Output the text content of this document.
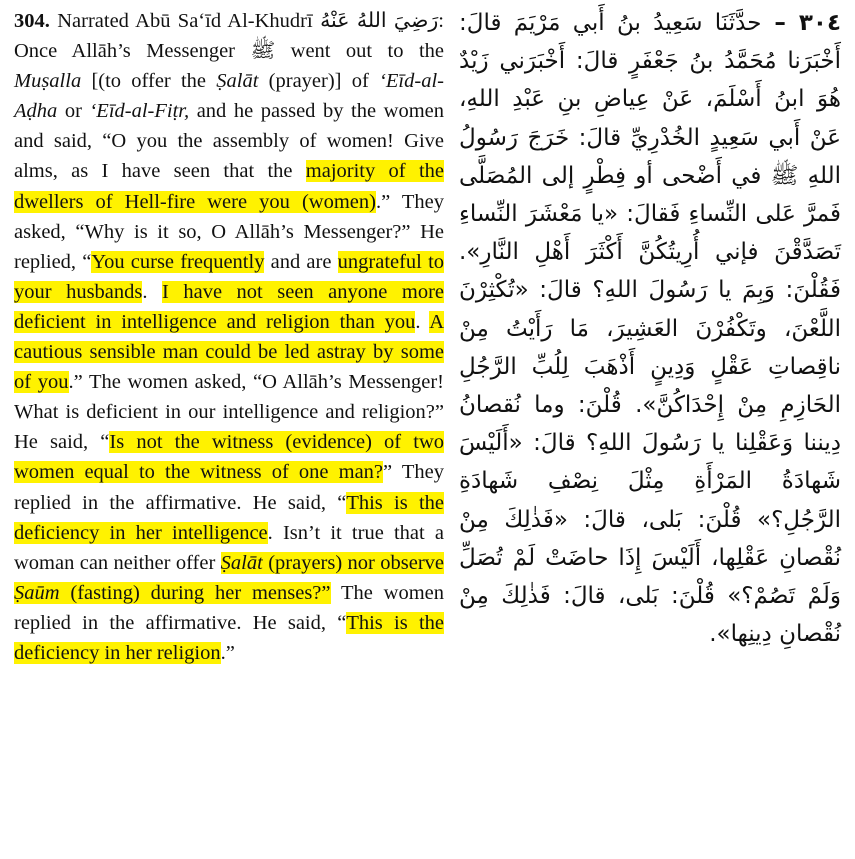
304. Narrated Abū Sa‘īd Al-Khudrī رَضِيَ اللهُ عَنْهُ: Once Allāh’s Messenger ﷺ went out to the Muṣalla [(to offer the Ṣalāt (prayer)] of ‘Eīd-al-Aḍha or ‘Eīd-al-Fiṭr, and he passed by the women and said, “O you the assembly of women! Give alms, as I have seen that the majority of the dwellers of Hell-fire were you (women).” They asked, “Why is it so, O Allāh’s Messenger?” He replied, “You curse frequently and are ungrateful to your husbands. I have not seen anyone more deficient in intelligence and religion than you. A cautious sensible man could be led astray by some of you.” The women asked, “O Allāh’s Messenger! What is deficient in our intelligence and religion?” He said, “Is not the witness (evidence) of two women equal to the witness of one man?” They replied in the affirmative. He said, “This is the deficiency in her intelligence. Isn’t it true that a woman can neither offer Ṣalāt (prayers) nor observe Ṣaūm (fasting) during her menses?” The women replied in the affirmative. He said, “This is the deficiency in her religion.”

٣٠٤ – حدَّثَنَا سَعِيدُ بنُ أَبي مَرْيَمَ قالَ: أَخْبَرَنا مُحَمَّدُ بنُ جَعْفَرٍ قالَ: أَخْبَرَني زَيْدٌ هُوَ ابنُ أَسْلَمَ، عَنْ عِياضِ بنِ عَبْدِ اللهِ، عَنْ أَبي سَعِيدٍ الخُدْرِيِّ قالَ: خَرَجَ رَسُولُ اللهِ ﷺ في أَضْحى أو فِطْرٍ إلى المُصَلَّى فَمرَّ عَلى النِّساءِ فَقالَ: «يا مَعْشَرَ النِّساءِ تَصَدَّقْنَ فإني أُرِيتُكُنَّ أَكْثَرَ أَهْلِ النَّارِ». فَقُلْنَ: وَبِمَ يا رَسُولَ اللهِ؟ قالَ: «تُكْثِرْنَ اللَّعْنَ، وتَكْفُرْنَ العَشِيرَ، مَا رَأَيْتُ مِنْ ناقِصاتِ عَقْلٍ وَدِينٍ أَذْهَبَ لِلُبِّ الرَّجُلِ الحَازِمِ مِنْ إِحْدَاكُنَّ». قُلْنَ: وما نُقصانُ دِيننا وَعَقْلِنا يا رَسُولَ اللهِ؟ قالَ: «أَلَيْسَ شَهادَةُ المَرْأَةِ مِثْلَ نِصْفِ شَهادَةِ الرَّجُلِ؟» قُلْنَ: بَلى، قالَ: «فَذٰلِكَ مِنْ نُقْصانِ عَقْلِها، أَلَيْسَ إِذَا حاضَتْ لَمْ تُصَلِّ وَلَمْ تَصُمْ؟» قُلْنَ: بَلى، قالَ: فَذٰلِكَ مِنْ نُقْصانِ دِينِها».
